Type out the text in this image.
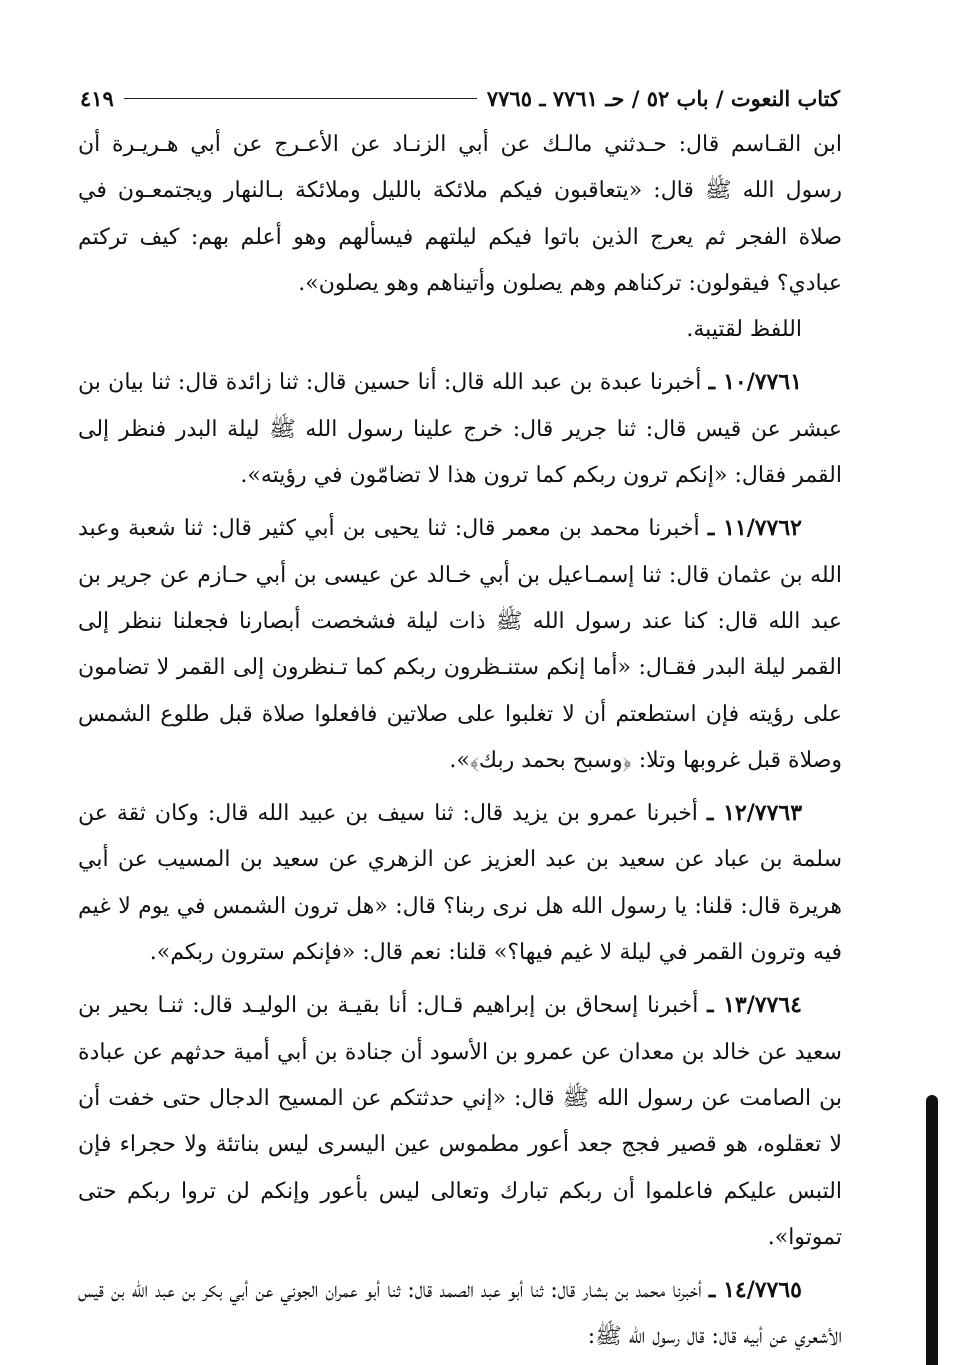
كتاب النعوت / باب ٥٢ / حـ ٧٧٦١ ـ ٧٧٦٥
٤١٩

ابن القـاسم قال: حـدثني مالـك عن أبي الزنـاد عن الأعـرج عن أبي هـريـرة أن رسول الله ﷺ قال: «يتعاقبون فيكم ملائكة بالليل وملائكة بـالنهار ويجتمعـون في صلاة الفجر ثم يعرج الذين باتوا فيكم ليلتهم فيسألهم وهو أعلم بهم: كيف تركتم عبادي؟ فيقولون: تركناهم وهم يصلون وأتيناهم وهو يصلون».

اللفظ لقتيبة.

١٠/٧٧٦١ ـ أخبرنا عبدة بن عبد الله قال: أنا حسين قال: ثنا زائدة قال: ثنا بيان بن عبشر عن قيس قال: ثنا جرير قال: خرج علينا رسول الله ﷺ ليلة البدر فنظر إلى القمر فقال: «إنكم ترون ربكم كما ترون هذا لا تضامّون في رؤيته».

١١/٧٧٦٢ ـ أخبرنا محمد بن معمر قال: ثنا يحيى بن أبي كثير قال: ثنا شعبة وعبد الله بن عثمان قال: ثنا إسمـاعيل بن أبي خـالد عن عيسى بن أبي حـازم عن جرير بن عبد الله قال: كنا عند رسول الله ﷺ ذات ليلة فشخصت أبصارنا فجعلنا ننظر إلى القمر ليلة البدر فقـال: «أما إنكم ستنـظرون ربكم كما تـنظرون إلى القمر لا تضامون على رؤيته فإن استطعتم أن لا تغلبوا على صلاتين فافعلوا صلاة قبل طلوع الشمس وصلاة قبل غروبها وتلا: ﴿وسبح بحمد ربك﴾».

١٢/٧٧٦٣ ـ أخبرنا عمرو بن يزيد قال: ثنا سيف بن عبيد الله قال: وكان ثقة عن سلمة بن عباد عن سعيد بن عبد العزيز عن الزهري عن سعيد بن المسيب عن أبي هريرة قال: قلنا: يا رسول الله هل نرى ربنا؟ قال: «هل ترون الشمس في يوم لا غيم فيه وترون القمر في ليلة لا غيم فيها؟» قلنا: نعم قال: «فإنكم سترون ربكم».

١٣/٧٧٦٤ ـ أخبرنا إسحاق بن إبراهيم قـال: أنا بقيـة بن الوليـد قال: ثنـا بحير بن سعيد عن خالد بن معدان عن عمرو بن الأسود أن جنادة بن أبي أمية حدثهم عن عبادة بن الصامت عن رسول الله ﷺ قال: «إني حدثتكم عن المسيح الدجال حتى خفت أن لا تعقلوه، هو قصير فجج جعد أعور مطموس عين اليسرى ليس بناتئة ولا حجراء فإن التبس عليكم فاعلموا أن ربكم تبارك وتعالى ليس بأعور وإنكم لن تروا ربكم حتى تموتوا».

١٤/٧٧٦٥ ـ أخبرنا محمد بن بشار قال: ثنا أبو عبد الصمد قال: ثنا أبو عمران الجوني عن أبي بكر بن عبد الله بن قيس الأشعري عن أبيه قال: قال رسول الله ﷺ:
